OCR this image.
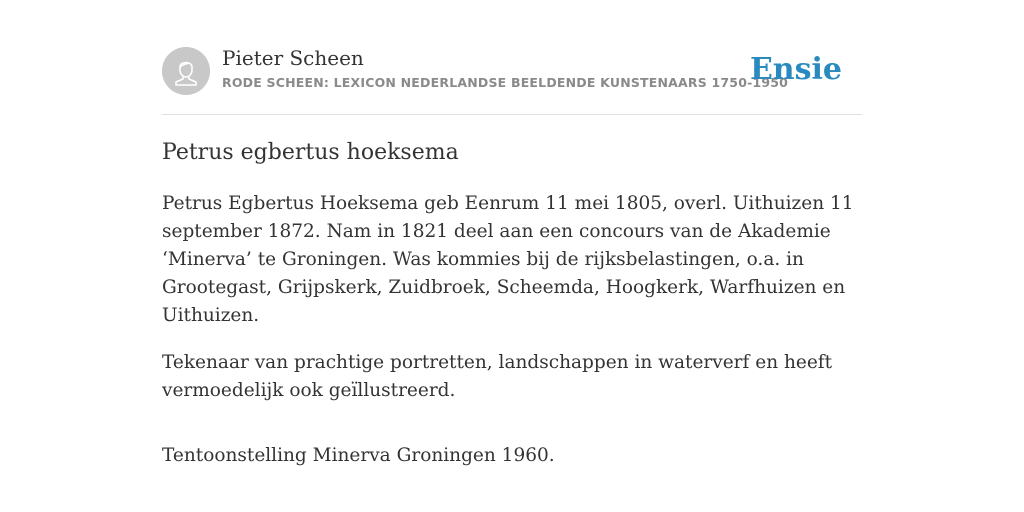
Pieter Scheen
RODE SCHEEN: LEXICON NEDERLANDSE BEELDENDE KUNSTENAARS 1750-1950
Ensie
Petrus egbertus hoeksema

Petrus Egbertus Hoeksema geb Eenrum 11 mei 1805, overl. Uithuizen 11 september 1872. Nam in 1821 deel aan een concours van de Akademie ‘Minerva’ te Groningen. Was kommies bij de rijksbelastingen, o.a. in Grootegast, Grijpskerk, Zuidbroek, Scheemda, Hoogkerk, Warfhuizen en Uithuizen.

Tekenaar van prachtige portretten, landschappen in waterverf en heeft vermoedelijk ook geïllustreerd.

Tentoonstelling Minerva Groningen 1960.
